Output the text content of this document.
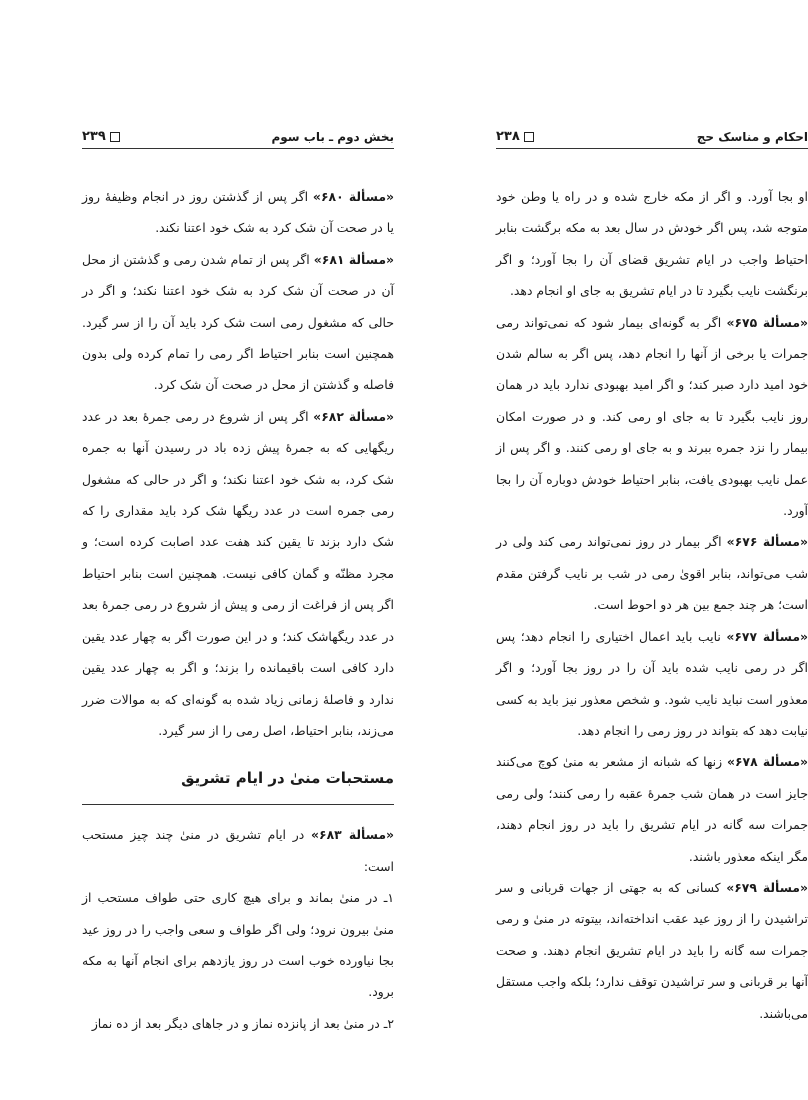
بخش دوم ـ باب سوم
٢٣٩

«مسألة ۶۸۰» اگر پس از گذشتن روز در انجام وظیفهٔ روز یا در صحت آن شک کرد به شک خود اعتنا نکند.

«مسألة ۶۸۱» اگر پس از تمام شدن رمی و گذشتن از محل آن در صحت آن شک کرد به شک خود اعتنا نکند؛ و اگر در حالی که مشغول رمی است شک کرد باید آن را از سر گیرد. همچنین است بنابر احتیاط اگر رمی را تمام کرده ولی بدون فاصله و گذشتن از محل در صحت آن شک کرد.

«مسألة ۶۸۲» اگر پس از شروع در رمی جمرهٔ بعد در عدد ریگهایی که به جمرهٔ پیش زده باد در رسیدن آنها به جمره شک کرد، به شک خود اعتنا نکند؛ و اگر در حالی که مشغول رمی جمره است در عدد ریگها شک کرد باید مقداری را که شک دارد بزند تا یقین کند هفت عدد اصابت کرده است؛ و مجرد مظنّه و گمان کافی نیست. همچنین است بنابر احتیاط اگر پس از فراغت از رمی و پیش از شروع در رمی جمرهٔ بعد در عدد ریگهاشک کند؛ و در این صورت اگر به چهار عدد یقین دارد کافی است باقیمانده را بزند؛ و اگر به چهار عدد یقین ندارد و فاصلهٔ زمانی زیاد شده به گونه‌ای که به موالات ضرر می‌زند، بنابر احتیاط، اصل رمی را از سر گیرد.

مستحبات منیٰ در ایام تشریق

«مسألة ۶۸۳» در ایام تشریق در منیٰ چند چیز مستحب است:

۱ـ در منیٰ بماند و برای هیچ کاری حتی طواف مستحب از منیٰ بیرون نرود؛ ولی اگر طواف و سعی واجب را در روز عید بجا نیاورده خوب است در روز یازدهم برای انجام آنها به مکه برود.

۲ـ در منیٰ بعد از پانزده نماز و در جاهای دیگر بعد از ده نماز

احکام و مناسک حج
٢٣٨

او بجا آورد. و اگر از مکه خارج شده و در راه یا وطن خود متوجه شد، پس اگر خودش در سال بعد به مکه برگشت بنابر احتیاط واجب در ایام تشریق قضای آن را بجا آورد؛ و اگر برنگشت نایب بگیرد تا در ایام تشریق به جای او انجام دهد.

«مسألة ۶۷۵» اگر به گونه‌ای بیمار شود که نمی‌تواند رمی جمرات یا برخی از آنها را انجام دهد، پس اگر به سالم شدن خود امید دارد صبر کند؛ و اگر امید بهبودی ندارد باید در همان روز نایب بگیرد تا به جای او رمی کند. و در صورت امکان بیمار را نزد جمره ببرند و به جای او رمی کنند. و اگر پس از عمل نایب بهبودی یافت، بنابر احتیاط خودش دوباره آن را بجا آورد.

«مسألة ۶۷۶» اگر بیمار در روز نمی‌تواند رمی کند ولی در شب می‌تواند، بنابر اقویٰ رمی در شب بر نایب گرفتن مقدم است؛ هر چند جمع بین هر دو احوط است.

«مسألة ۶۷۷» نایب باید اعمال اختیاری را انجام دهد؛ پس اگر در رمی نایب شده باید آن را در روز بجا آورد؛ و اگر معذور است نباید نایب شود. و شخص معذور نیز باید به کسی نیابت دهد که بتواند در روز رمی را انجام دهد.

«مسألة ۶۷۸» زنها که شبانه از مشعر به منیٰ کوچ می‌کنند جایز است در همان شب جمرهٔ عقبه را رمی کنند؛ ولی رمی جمرات سه گانه در ایام تشریق را باید در روز انجام دهند، مگر اینکه معذور باشند.

«مسألة ۶۷۹» کسانی که به جهتی از جهات قربانی و سر تراشیدن را از روز عید عقب انداخته‌اند، بیتوته در منیٰ و رمی جمرات سه گانه را باید در ایام تشریق انجام دهند. و صحت آنها بر قربانی و سر تراشیدن توقف ندارد؛ بلکه واجب مستقل می‌باشند.
